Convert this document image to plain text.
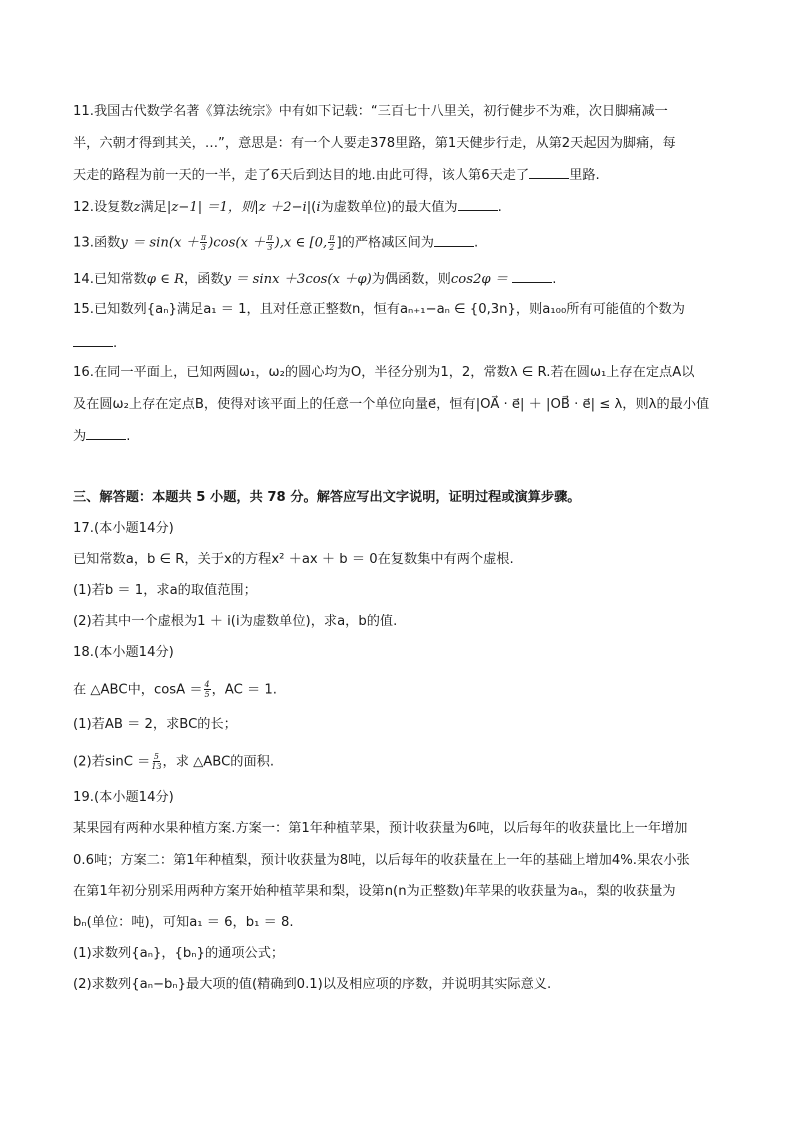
11.我国古代数学名著《算法统宗》中有如下记载：“三百七十八里关，初行健步不为难，次日脚痛减一
半，六朝才得到其关，…”，意思是：有一个人要走378里路，第1天健步行走，从第2天起因为脚痛，每
天走的路程为前一天的一半，走了6天后到达目的地.由此可得，该人第6天走了	里路.
12.设复数z满足|z−1| ＝1，则|z ＋2−i|(i为虚数单位)的最大值为	.
13.函数$y = \sin(x + \frac{\pi}{3} )\cos(x + \frac{\pi}{3} ),x$ ∈ [0, $\frac{\pi}{2}$ ]的严格减区间为	.
14.已知常数φ ∈ R，函数y ＝ sinx ＋3cos(x ＋φ)为偶函数，则cos2φ ＝	.
15.已知数列{aₙ}满足a₁ ＝ 1，且对任意正整数n，恒有aₙ₊₁−aₙ ∈ {0,3n}，则a₁₀₀所有可能值的个数为
.
16.在同一平面上，已知两圆ω₁，ω₂的圆心均为O，半径分别为1，2，常数λ ∈ R.若在圆ω₁上存在定点A以
及在圆ω₂上存在定点B，使得对该平面上的任意一个单位向量e⃗，恒有|OA⃗ · e⃗| ＋ |OB⃗ · e⃗| ≤ λ，则λ的最小值
为	.
三、解答题：本题共 5 小题，共 78 分。解答应写出文字说明，证明过程或演算步骤。
17.(本小题14分)
已知常数a，b ∈ R，关于x的方程x² ＋ax ＋ b ＝ 0在复数集中有两个虚根.
(1)若b ＝ 1，求a的取值范围；
(2)若其中一个虚根为1 ＋ i(i为虚数单位)，求a，b的值.
18.(本小题14分)
在 △ABC中，$\cos A = \frac{4}{5}$ ，AC ＝ 1.
(1)若AB ＝ 2，求BC的长；
(2)若$\sin C = \frac{5}{13}$ ，求 △ABC的面积.
19.(本小题14分)
某果园有两种水果种植方案.方案一：第1年种植苹果，预计收获量为6吨，以后每年的收获量比上一年增加
0.6吨；方案二：第1年种植梨，预计收获量为8吨，以后每年的收获量在上一年的基础上增加4%.果农小张
在第1年初分别采用两种方案开始种植苹果和梨，设第n(n为正整数)年苹果的收获量为aₙ，梨的收获量为
bₙ(单位：吨)，可知a₁ ＝ 6，b₁ ＝ 8.
(1)求数列{aₙ}，{bₙ}的通项公式；
(2)求数列{aₙ−bₙ}最大项的值(精确到0.1)以及相应项的序数，并说明其实际意义.
